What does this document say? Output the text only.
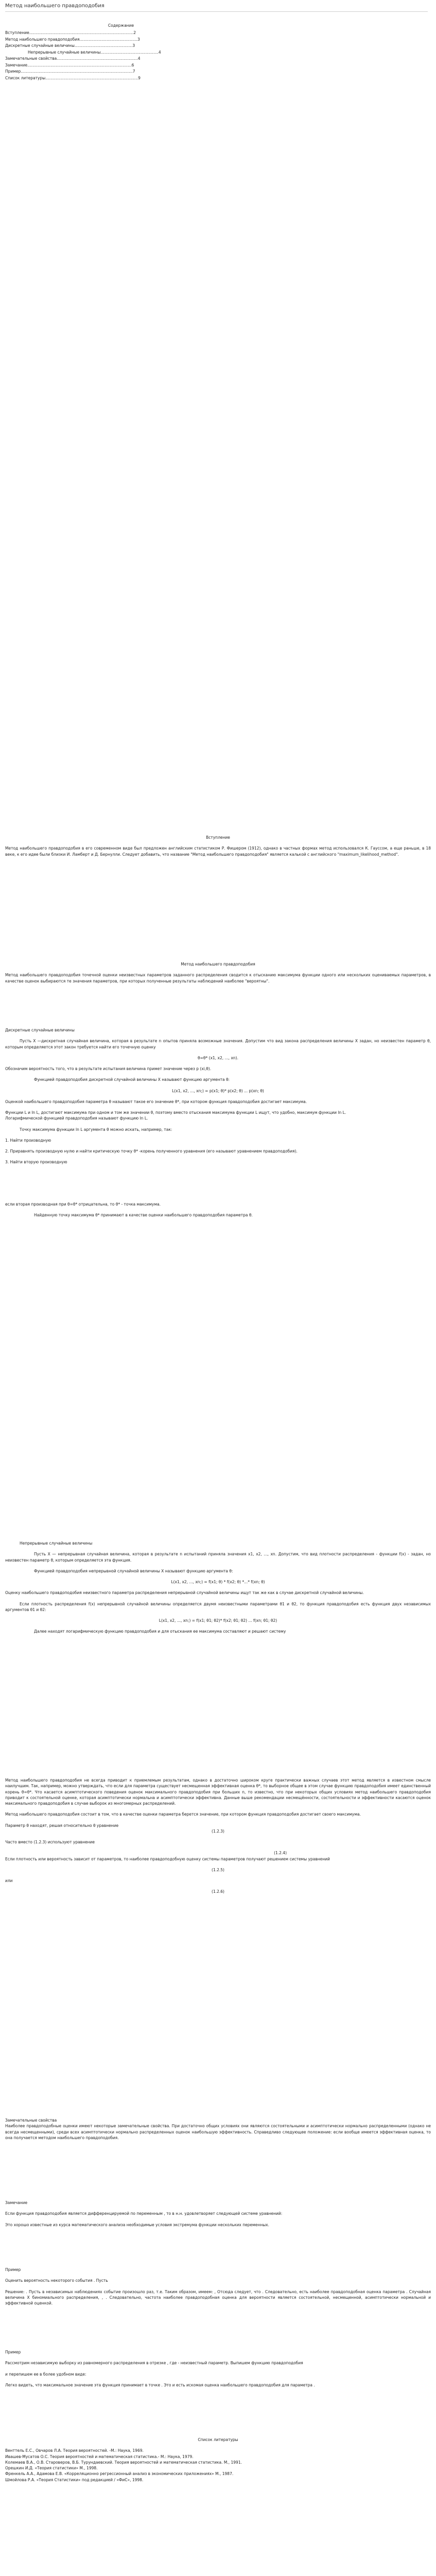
Метод наибольшего правдоподобия
Содержание
Вступление………………………………………………………………………2
Метод наибольшего правдоподобия………………………………………3
Дискретные случайные величины………………………………………3
Непрерывные случайные величины………………………………………4
Замечательные свойства………………………………………………………4
Замечание………………………………………………………………………6
Пример……………………………………………………………………………7
Список литературы………………………………………………………………9
Вступление

Метод наибольшего правдоподобия в его современном виде был предложен английским статистиком Р. Фишером (1912), однако в частных формах метод использовался К. Гауссом, а еще раньше, в 18 веке, к его идее были близки И. Ламберт и Д. Бернулли. Следует добавить, что название "Метод наибольшего правдоподобия" является калькой с английского "maximum_likelihood_method".

Метод наибольшего правдоподобия

Метод наибольшего правдоподобия точечной оценки неизвестных параметров заданного распределения сводится к отысканию максимума функции одного или нескольких оцениваемых параметров, в качестве оценок выбираются те значения параметров, при которых полученные результаты наблюдений наиболее "вероятны".

Дискретные случайные величины

Пусть X —дискретная случайная величина, которая в результате n опытов приняла возможные значения. Допустим что вид закона распределения величины X задан, но неизвестен параметр θ, которым определяется этот закон требуется найти его точечную оценку

θ=θ* (x1, x2, ..., xn).

Обозначим вероятность того, что в результате испытания величина примет значение через p (xi,θ).

Функцией правдоподобия дискретной случайной величины X называют функцию аргумента θ:

L(x1, x2, ..., xn;) = p(x1; θ)* p(x2; θ) ... p(xn; θ)

Оценкой наибольшего правдоподобия параметра θ называют такое его значение θ*, при котором функция правдоподобия достигает максимума.

Функции L и ln L, достигают максимума при одном и том же значении θ, поэтому вместо отыскания максимума функции L ищут, что удобно, максимум функции ln L.

Логарифмической функцией правдоподобия называют функцию ln L.

Точку максимума функции ln L аргумента θ можно искать, например, так:

1. Найти производную

2. Приравнять производную нулю и найти критическую точку θ* -корень полученного уравнения (его называют уравнением правдоподобия).

3. Найти вторую производную

если вторая производная при θ=θ* отрицательна, то θ* - точка максимума.

Найденную точку максимума θ* принимают в качестве оценки наибольшего правдоподобия параметра θ.

Непрерывные случайные величины

Пусть X — непрерывная случайная величина, которая в результате n испытаний приняла значения x1, x2, ..., xn. Допустим, что вид плотности распределения - функции f(x) - задан, но неизвестен параметр θ, которым определяется эта функция.

Функцией правдоподобия непрерывной случайной величины X называют функцию аргумента θ:

L(x1, x2, ..., xn;) = f(x1; θ) * f(x2; θ) *...* f(xn; θ)

Оценку наибольшего правдоподобия неизвестного параметра распределения непрерывной случайной величины ищут так же как в случае дискретной случайной величины.

Если плотность распределения f(x) непрерывной случайной величины определяется двумя неизвестными параметрами θ1 и θ2, то функция правдоподобия есть функция двух независимых аргументов θ1 и θ2:

L(x1, x2, ..., xn;) = f(x1; θ1; θ2)* f(x2; θ1; θ2) ... f(xn; θ1; θ2)

Далее находят логарифмическую функцию правдоподобия и для отыскания ее максимума составляют и решают систему

Метод наибольшего правдоподобия не всегда приводит к приемлемым результатам, однако в достаточно широком круге практически важных случаев этот метод является в известном смысле наилучшим. Так, например, можно утверждать, что если для параметра существует несмещенная эффективная оценка θ*, то выборное общее в этом случае функцию правдоподобия имеет единственный корень θ=θ*. Что касается асимптотического поведения оценок максимального правдоподобия при больших n, то известно, что при некоторых общих условиях метод наибольшего правдоподобия приводит к состоятельной оценке, которая асимптотически нормальна и асимптотически эффективна. Данные выше рекомендации несмещённости, состоятельности и эффективности касаются оценок максимального правдоподобия в случае выборок из многомерных распределений.

Метод наибольшего правдоподобия состоит в том, что в качестве оценки параметра берется значение, при котором функция правдоподобия достигает своего максимума.

Параметр θ находят, решая относительно θ уравнение

(1.2.3)

Часто вместо (1.2.3) используют уравнение

(1.2.4)

Если плотность или вероятность зависит от параметров, то наиболее правдоподобную оценку системы параметров получают решением системы уравнений

(1.2.5)

или

(1.2.6)

Замечательные свойства

Наиболее правдоподобные оценки имеют некоторые замечательные свойства. При достаточно общих условиях они являются состоятельными и асимптотически нормально распределенными (однако не всегда несмещенными), среди всех асимптотически нормально распределенных оценок наибольшую эффективность. Справедливо следующее положение: если вообще имеется эффективная оценка, то она получается методом наибольшего правдоподобия.

Замечание

Если функция правдоподобия является дифференцируемой по переменным , то в н.н. удовлетворяет следующей системе уравнений:

Это хорошо известные из курса математического анализа необходимые условия экстремума функции нескольких переменных.

Пример

Оценить вероятность некоторого события . Пусть

Решение: . Пусть в независимых наблюдениях событие произошло раз, т.е. Таким образом, имеем: , Отсюда следует, что . Следовательно, есть наиболее правдоподобная оценка параметра . Случайная величина X биномиального распределения, , . Следовательно, частота наиболее правдоподобная оценка для вероятности является состоятельной, несмещенной, асимптотически нормальной и эффективной оценкой.

Пример

Рассмотрим независимую выборку из равномерного распределения в отрезке , где - неизвестный параметр. Выпишем функцию правдоподобия

и перепишем ее в более удобном виде:

Легко видеть, что максимальное значение эта функция принимает в точке . Это и есть искомая оценка наибольшего правдоподобия для параметра .

Список литературы

Венттель Е.С., Овчаров Л.А. Теория вероятностей. -М.: Наука, 1969.

Ивашев-Мусатов О.С. Теория вероятностей и математическая статистика.- М.: Наука, 1979.

Колемаев В.А., О.В. Староверов, В.Б. Турундаевский. Теория вероятностей и математическая статистика. М., 1991.

Орешкин И.Д. «Теория статистики» М., 1998.

Френкель А.А., Адамова Е.В. «Корреляционно регрессионный анализ в экономических приложениях» М., 1987.

Шмойлова Р.А. «Теория Статистики» под редакцией / «ФиС», 1998.
